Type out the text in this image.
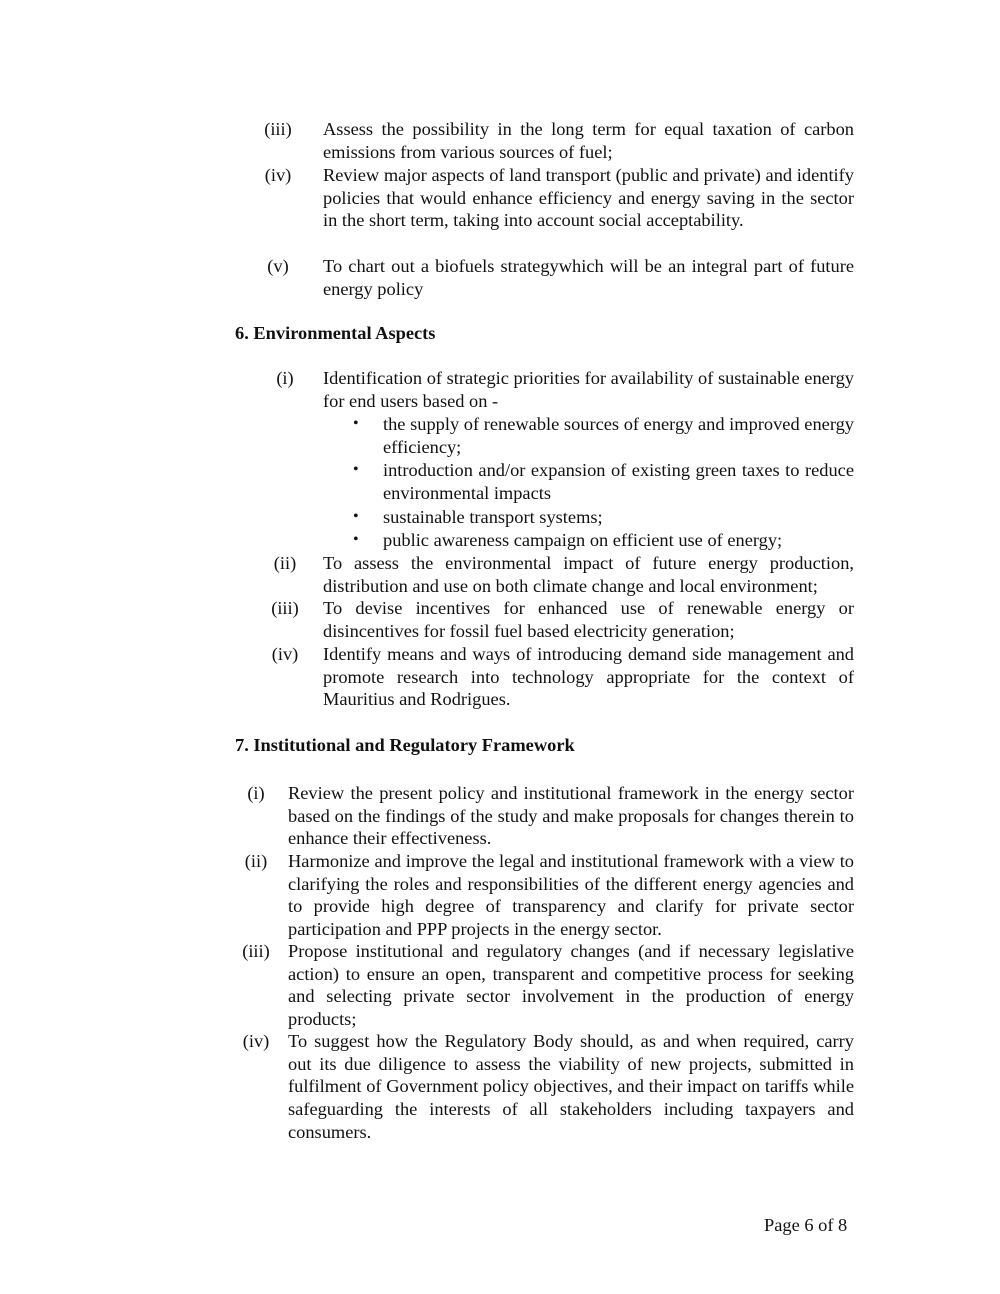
(iii) Assess the possibility in the long term for equal taxation of carbon emissions from various sources of fuel;
(iv) Review major aspects of land transport (public and private) and identify policies that would enhance efficiency and energy saving in the sector in the short term, taking into account social acceptability.
(v) To chart out a biofuels strategywhich will be an integral part of future energy policy
6. Environmental Aspects
(i)	Identification of strategic priorities for availability of sustainable energy for end users based on -
• the supply of renewable sources of energy and improved energy efficiency;
• introduction and/or expansion of existing green taxes to reduce environmental impacts
• sustainable transport systems;
• public awareness campaign on efficient use of energy;
(ii)	To assess the environmental impact of future energy production, distribution and use on both climate change and local environment;
(iii)	To devise incentives for enhanced use of renewable energy or disincentives for fossil fuel based electricity generation;
(iv)	Identify means and ways of introducing demand side management and promote research into technology appropriate for the context of Mauritius and Rodrigues.
7. Institutional and Regulatory Framework
(i)	Review the present policy and institutional framework in the energy sector based on the findings of the study and make proposals for changes therein to enhance their effectiveness.
(ii)	Harmonize and improve the legal and institutional framework with a view to clarifying the roles and responsibilities of the different energy agencies and to provide high degree of transparency and clarify for private sector participation and PPP projects in the energy sector.
(iii) Propose institutional and regulatory changes (and if necessary legislative action) to ensure an open, transparent and competitive process for seeking and selecting private sector involvement in the production of energy products;
(iv)	To suggest how the Regulatory Body should, as and when required, carry out its due diligence to assess the viability of new projects, submitted in fulfilment of Government policy objectives, and their impact on tariffs while safeguarding the interests of all stakeholders including taxpayers and consumers.
Page 6 of 8
